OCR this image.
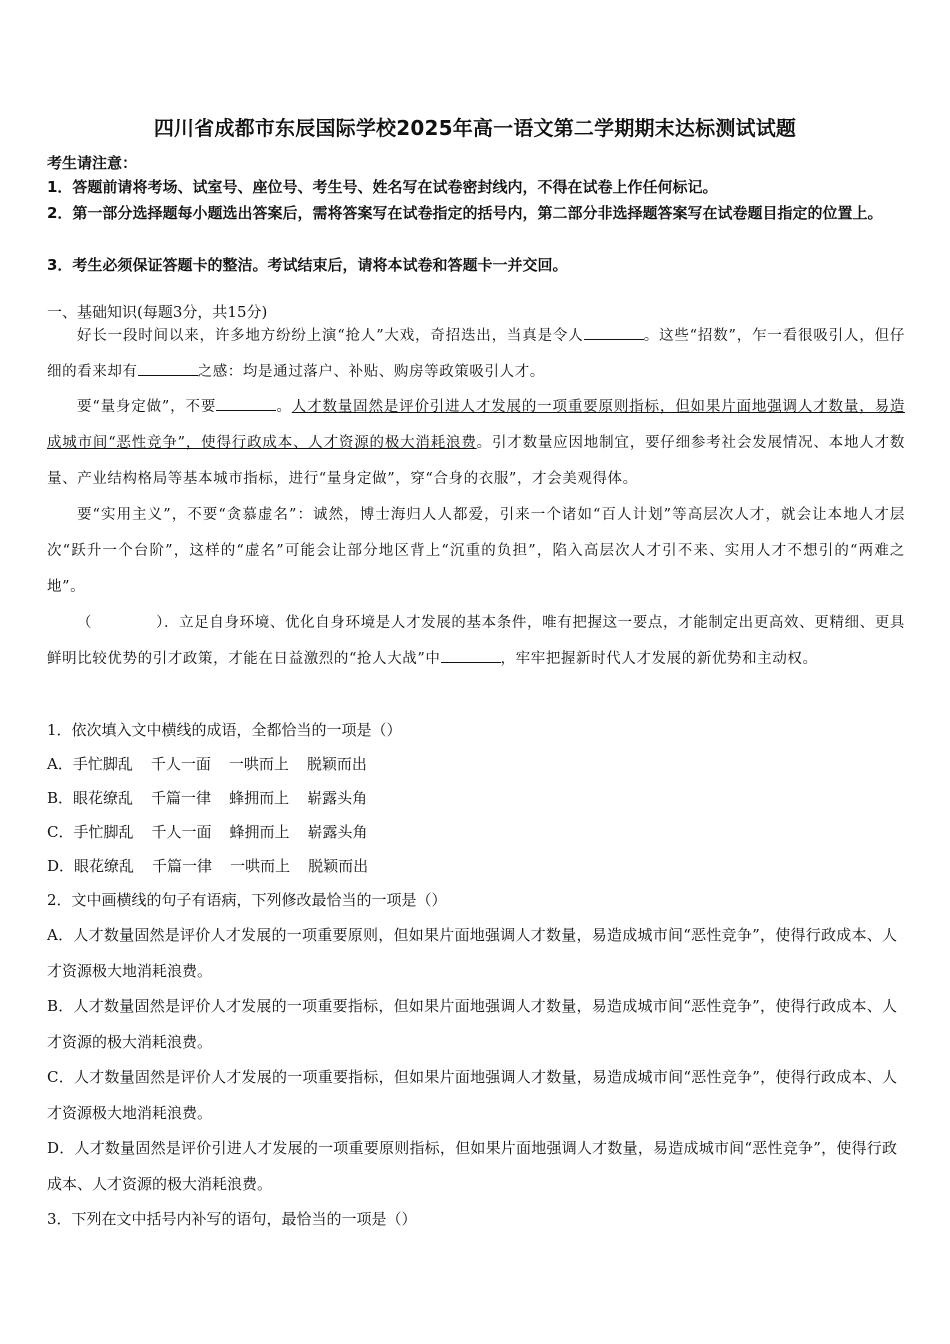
四川省成都市东辰国际学校2025年高一语文第二学期期末达标测试试题
考生请注意：
1．答题前请将考场、试室号、座位号、考生号、姓名写在试卷密封线内，不得在试卷上作任何标记。
2．第一部分选择题每小题选出答案后，需将答案写在试卷指定的括号内，第二部分非选择题答案写在试卷题目指定的位置上。
3．考生必须保证答题卡的整洁。考试结束后，请将本试卷和答题卡一并交回。
一、基础知识(每题3分，共15分)
好长一段时间以来，许多地方纷纷上演“抢人”大戏，奇招迭出，当真是令人	。这些“招数”，乍一看很吸引人，但仔细的看来却有	之感：均是通过落户、补贴、购房等政策吸引人才。
要“量身定做”，不要	。人才数量固然是评价引进人才发展的一项重要原则指标，但如果片面地强调人才数量，易造成城市间“恶性竞争”，使得行政成本、人才资源的极大消耗浪费。引才数量应因地制宜，要仔细参考社会发展情况、本地人才数量、产业结构格局等基本城市指标，进行“量身定做”，穿“合身的衣服”，才会美观得体。
要“实用主义”，不要“贪慕虚名”：诚然，博士海归人人都爱，引来一个诸如“百人计划”等高层次人才，就会让本地人才层次“跃升一个台阶”，这样的“虚名”可能会让部分地区背上“沉重的负担”，陷入高层次人才引不来、实用人才不想引的“两难之地”。
（	）．立足自身环境、优化自身环境是人才发展的基本条件，唯有把握这一要点，才能制定出更高效、更精细、更具鲜明比较优势的引才政策，才能在日益激烈的“抢人大战”中	，牢牢把握新时代人才发展的新优势和主动权。
1．依次填入文中横线的成语，全都恰当的一项是（）
A．手忙脚乱 千人一面 一哄而上 脱颖而出
B．眼花缭乱 千篇一律 蜂拥而上 崭露头角
C．手忙脚乱 千人一面 蜂拥而上 崭露头角
D．眼花缭乱 千篇一律 一哄而上 脱颖而出
2．文中画横线的句子有语病，下列修改最恰当的一项是（）
A．人才数量固然是评价人才发展的一项重要原则，但如果片面地强调人才数量，易造成城市间“恶性竞争”，使得行政成本、人才资源极大地消耗浪费。
B．人才数量固然是评价人才发展的一项重要指标，但如果片面地强调人才数量，易造成城市间“恶性竞争”，使得行政成本、人才资源的极大消耗浪费。
C．人才数量固然是评价人才发展的一项重要指标，但如果片面地强调人才数量，易造成城市间“恶性竞争”，使得行政成本、人才资源极大地消耗浪费。
D．人才数量固然是评价引进人才发展的一项重要原则指标，但如果片面地强调人才数量，易造成城市间“恶性竞争”，使得行政成本、人才资源的极大消耗浪费。
3．下列在文中括号内补写的语句，最恰当的一项是（）
